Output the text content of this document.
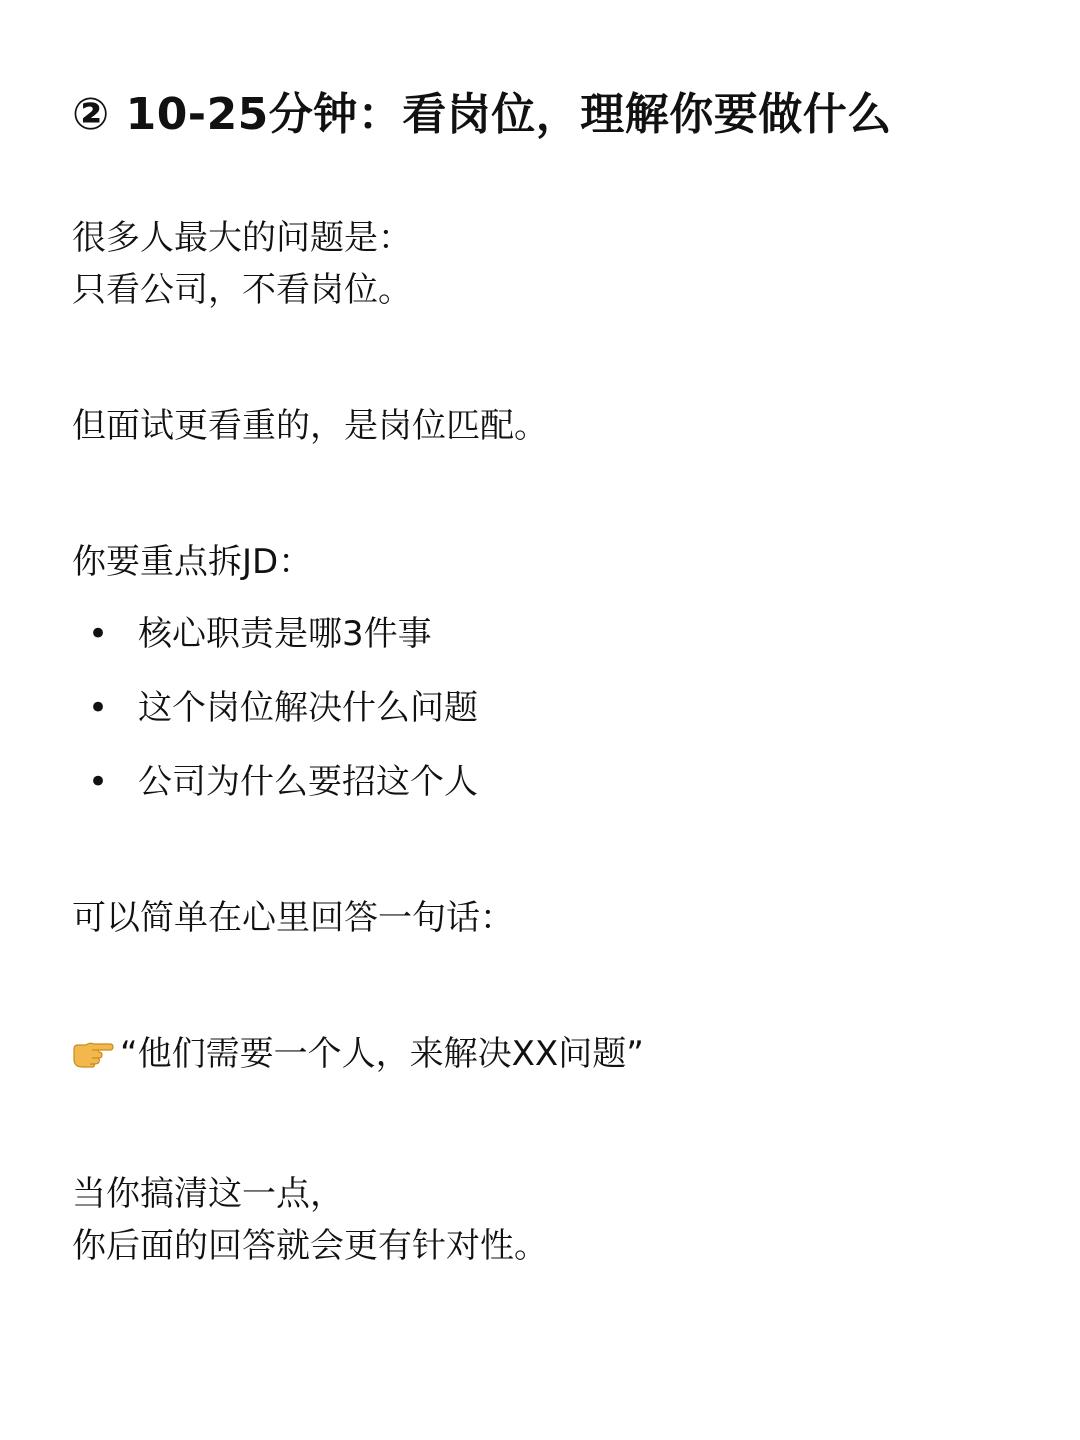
② 10-25分钟：看岗位，理解你要做什么

很多人最大的问题是：
只看公司，不看岗位。

但面试更看重的，是岗位匹配。

你要重点拆JD：

• 核心职责是哪3件事
• 这个岗位解决什么问题
• 公司为什么要招这个人

可以简单在心里回答一句话：

“他们需要一个人，来解决XX问题”

当你搞清这一点，
你后面的回答就会更有针对性。
